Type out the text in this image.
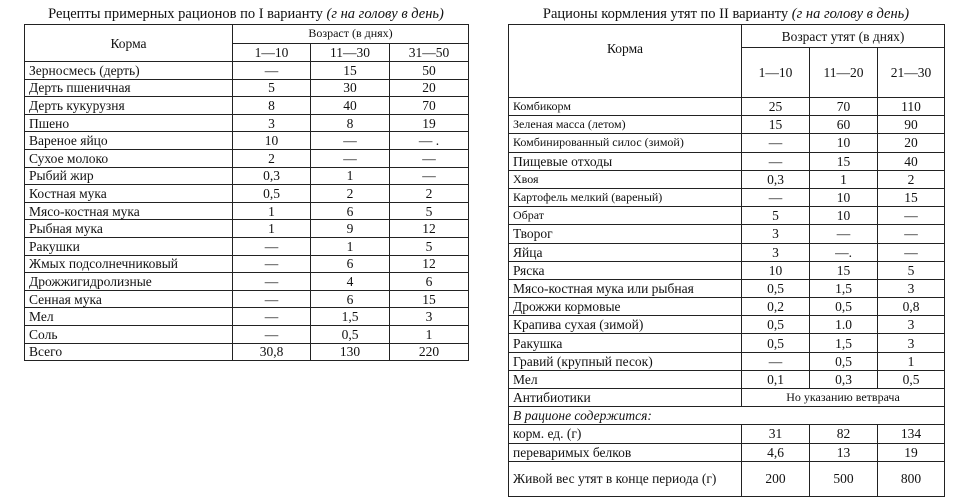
Рецепты примерных рационов по I варианту (г на голову в день)
Корма	Возраст (в днях)		
	1—10	11—30	31—50
Зерносмесь (дерть)	—	15	50
Дерть пшеничная	5	30	20
Дерть кукурузня	8	40	70
Пшено	3	8	19
Вареное яйцо	10	—	— .
Сухое молоко	2	—	—
Рыбий жир	0,3	1	—
Костная мука	0,5	2	2
Мясо-костная мука	1	6	5
Рыбная мука	1	9	12
Ракушки	—	1	5
Жмых подсолнечниковый	—	6	12
Дрожжигидролизные	—	4	6
Сенная мука	—	6	15
Мел	—	1,5	3
Соль	—	0,5	1
Всего	30,8	130	220
Рационы кормления утят по II варианту (г на голову в день)
Корма	Возраст утят (в днях)		
	1—10	11—20	21—30
Комбикорм	25	70	110
Зеленая масса (летом)	15	60	90
Комбинированный силос (зимой)	—	10	20
Пищевые отходы	—	15	40
Хвоя	0,3	1	2
Картофель мелкий (вареный)	—	10	15
Обрат	5	10	—
Творог	3	—	—
Яйца	3	—.	—
Ряска	10	15	5
Мясо-костная мука или рыбная	0,5	1,5	3
Дрожжи кормовые	0,2	0,5	0,8
Крапива сухая (зимой)	0,5	1.0	3
Ракушка	0,5	1,5	3
Гравий (крупный песок)	—	0,5	1
Мел	0,1	0,3	0,5
Антибиотики	Но указанию ветврача		
В рационе содержится:			
корм. ед. (г)	31	82	134
переваримых белков	4,6	13	19
Живой вес утят в конце периода (г)	200	500	800
